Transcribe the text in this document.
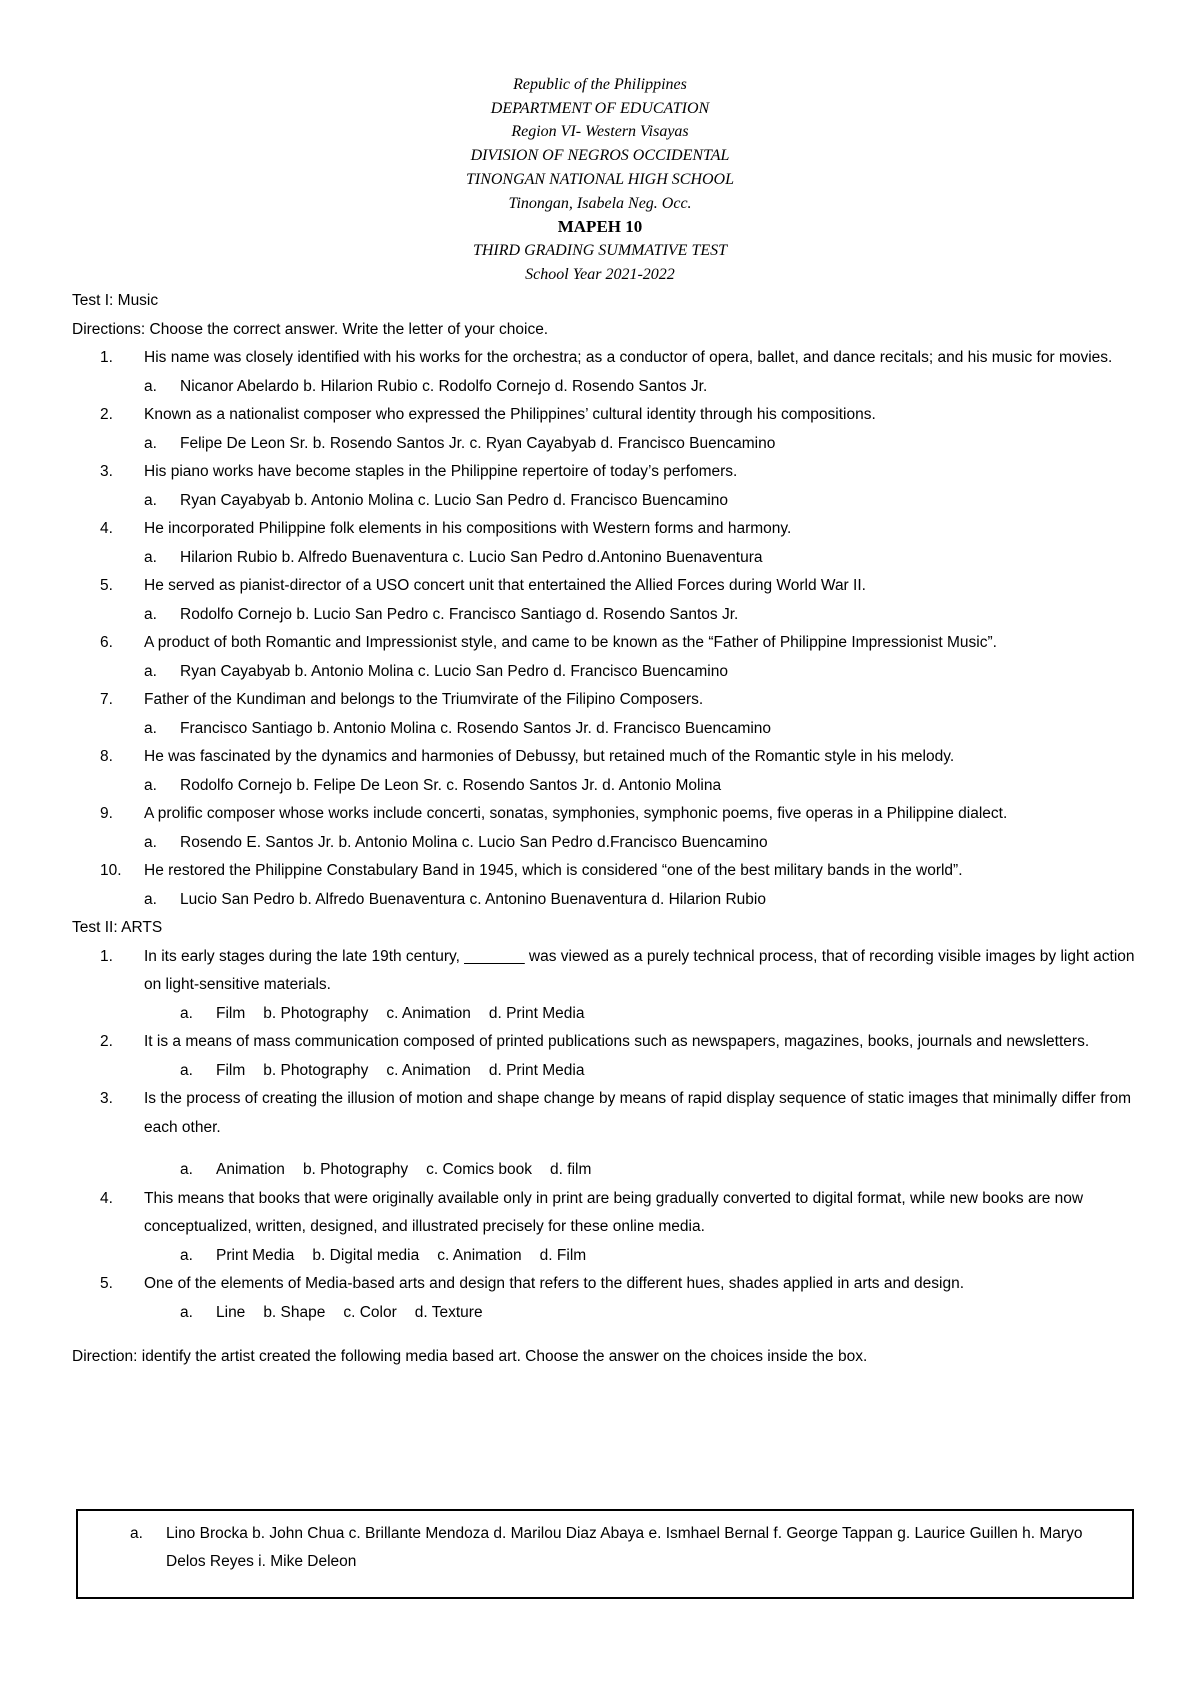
Republic of the Philippines
DEPARTMENT OF EDUCATION
Region VI- Western Visayas
DIVISION OF NEGROS OCCIDENTAL
TINONGAN NATIONAL HIGH SCHOOL
Tinongan, Isabela Neg. Occ.
MAPEH 10
THIRD GRADING SUMMATIVE TEST
School Year 2021-2022
Test I: Music
Directions: Choose the correct answer. Write the letter of your choice.
1. His name was closely identified with his works for the orchestra; as a conductor of opera, ballet, and dance recitals; and his music for movies.
a. Nicanor Abelardo b. Hilarion Rubio c. Rodolfo Cornejo d. Rosendo Santos Jr.
2. Known as a nationalist composer who expressed the Philippines’ cultural identity through his compositions.
a. Felipe De Leon Sr. b. Rosendo Santos Jr. c. Ryan Cayabyab d. Francisco Buencamino
3. His piano works have become staples in the Philippine repertoire of today’s perfomers.
a. Ryan Cayabyab b. Antonio Molina c. Lucio San Pedro d. Francisco Buencamino
4. He incorporated Philippine folk elements in his compositions with Western forms and harmony.
a. Hilarion Rubio b. Alfredo Buenaventura c. Lucio San Pedro d.Antonino Buenaventura
5. He served as pianist-director of a USO concert unit that entertained the Allied Forces during World War II.
a. Rodolfo Cornejo b. Lucio San Pedro c. Francisco Santiago d. Rosendo Santos Jr.
6. A product of both Romantic and Impressionist style, and came to be known as the “Father of Philippine Impressionist Music”.
a. Ryan Cayabyab b. Antonio Molina c. Lucio San Pedro d. Francisco Buencamino
7. Father of the Kundiman and belongs to the Triumvirate of the Filipino Composers.
a. Francisco Santiago b. Antonio Molina c. Rosendo Santos Jr. d. Francisco Buencamino
8. He was fascinated by the dynamics and harmonies of Debussy, but retained much of the Romantic style in his melody.
a. Rodolfo Cornejo b. Felipe De Leon Sr. c. Rosendo Santos Jr. d. Antonio Molina
9. A prolific composer whose works include concerti, sonatas, symphonies, symphonic poems, five operas in a Philippine dialect.
a. Rosendo E. Santos Jr. b. Antonio Molina c. Lucio San Pedro d.Francisco Buencamino
10. He restored the Philippine Constabulary Band in 1945, which is considered “one of the best military bands in the world”.
a. Lucio San Pedro b. Alfredo Buenaventura c. Antonino Buenaventura d. Hilarion Rubio
Test II: ARTS
1. In its early stages during the late 19th century, _______ was viewed as a purely technical process, that of recording visible images by light action on light-sensitive materials.
a. Film b. Photography c. Animation d. Print Media
2. It is a means of mass communication composed of printed publications such as newspapers, magazines, books, journals and newsletters.
a. Film b. Photography c. Animation d. Print Media
3. Is the process of creating the illusion of motion and shape change by means of rapid display sequence of static images that minimally differ from each other.
a. Animation b. Photography c. Comics book d. film
4. This means that books that were originally available only in print are being gradually converted to digital format, while new books are now conceptualized, written, designed, and illustrated precisely for these online media.
a. Print Media b. Digital media c. Animation d. Film
5. One of the elements of Media-based arts and design that refers to the different hues, shades applied in arts and design.
a. Line b. Shape c. Color d. Texture
Direction: identify the artist created the following media based art. Choose the answer on the choices inside the box.
a. Lino Brocka b. John Chua c. Brillante Mendoza d. Marilou Diaz Abaya e. Ismhael Bernal f. George Tappan g. Laurice Guillen h. Maryo Delos Reyes i. Mike Deleon
